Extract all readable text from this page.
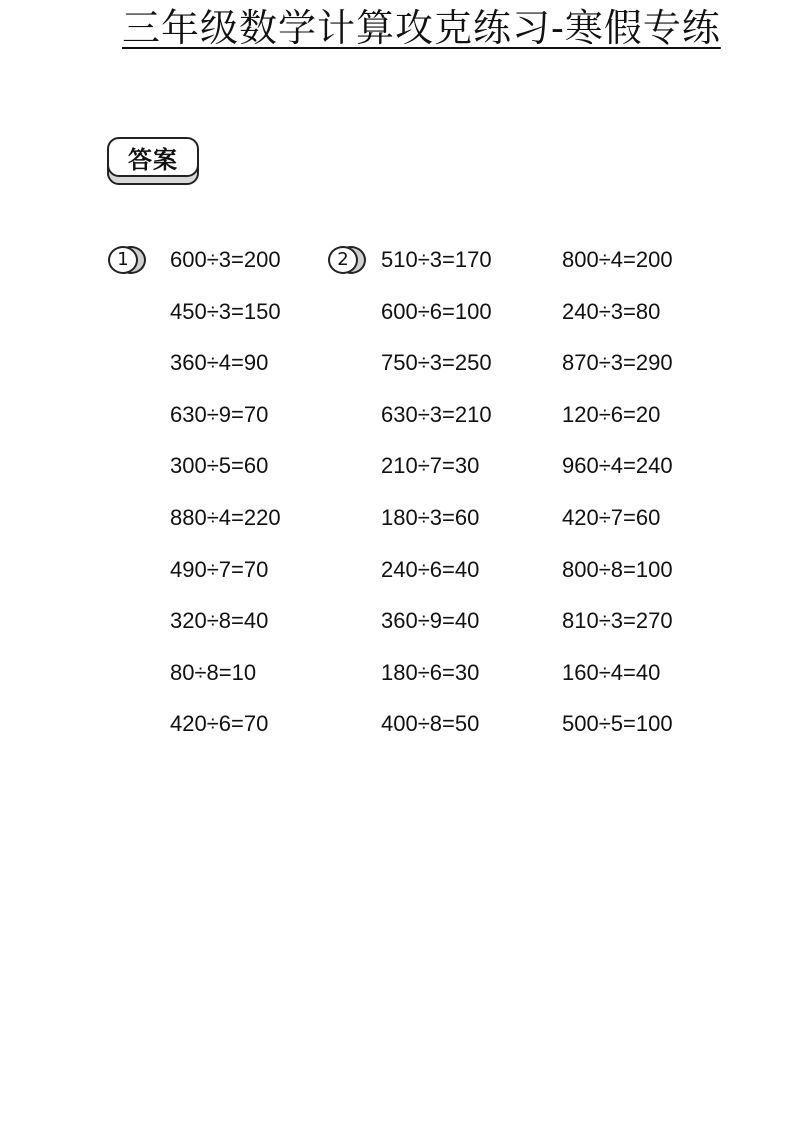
三年级数学计算攻克练习-寒假专练
答案
1	2
600÷3=200
450÷3=150
360÷4=90
630÷9=70
300÷5=60
880÷4=220
490÷7=70
320÷8=40
80÷8=10
420÷6=70
510÷3=170
600÷6=100
750÷3=250
630÷3=210
210÷7=30
180÷3=60
240÷6=40
360÷9=40
180÷6=30
400÷8=50
800÷4=200
240÷3=80
870÷3=290
120÷6=20
960÷4=240
420÷7=60
800÷8=100
810÷3=270
160÷4=40
500÷5=100
